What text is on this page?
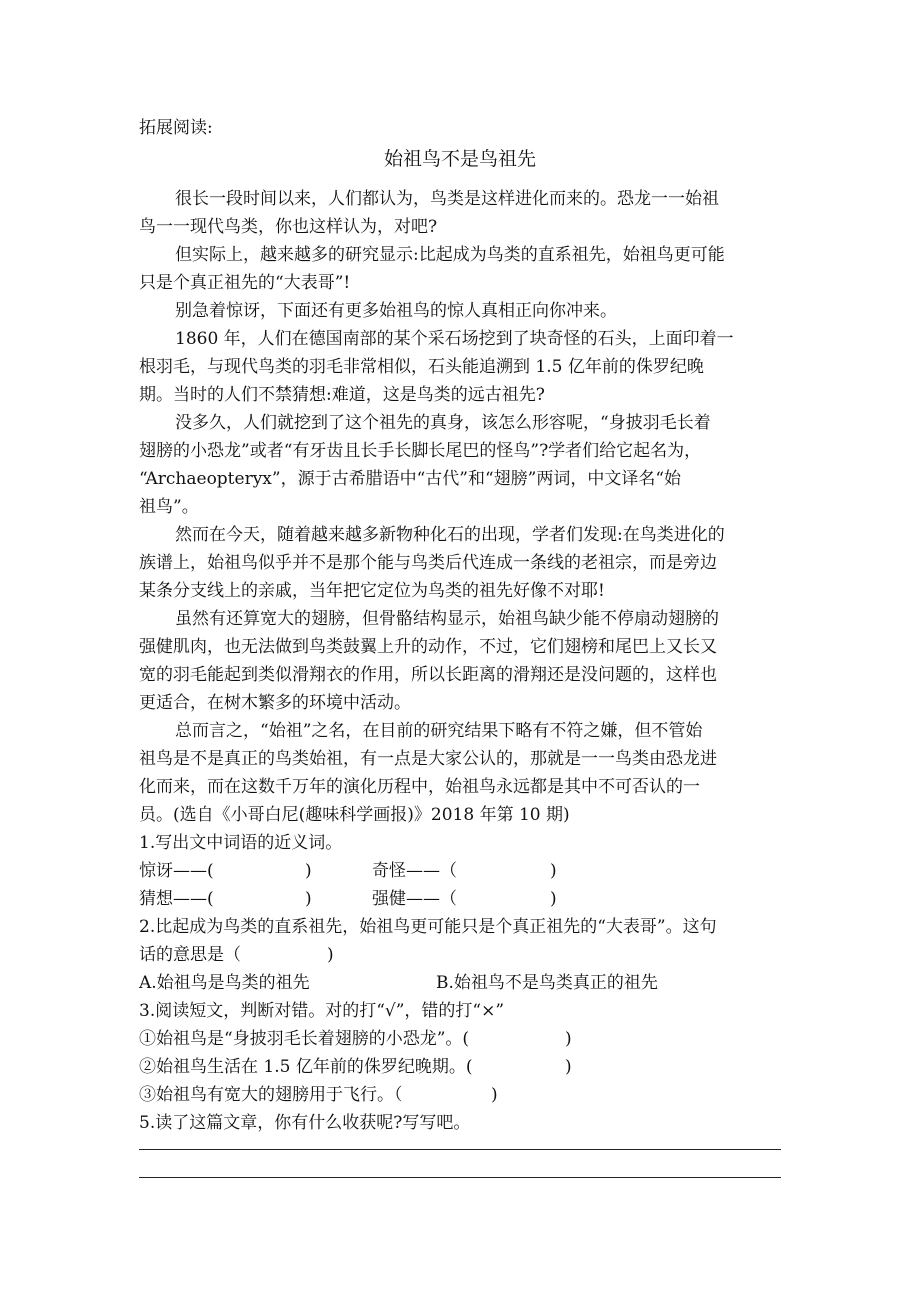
拓展阅读:
始祖鸟不是鸟祖先
很长一段时间以来，人们都认为，鸟类是这样进化而来的。恐龙一一始祖
鸟一一现代鸟类，你也这样认为，对吧?
但实际上，越来越多的研究显示:比起成为鸟类的直系祖先，始祖鸟更可能
只是个真正祖先的“大表哥”!
别急着惊讶，下面还有更多始祖鸟的惊人真相正向你冲来。
1860 年，人们在德国南部的某个采石场挖到了块奇怪的石头，上面印着一
根羽毛，与现代鸟类的羽毛非常相似，石头能追溯到 1.5 亿年前的侏罗纪晚
期。当时的人们不禁猜想:难道，这是鸟类的远古祖先?
没多久，人们就挖到了这个祖先的真身，该怎么形容呢，“身披羽毛长着
翅膀的小恐龙”或者“有牙齿且长手长脚长尾巴的怪鸟”?学者们给它起名为，
“Archaeopteryx”，源于古希腊语中“古代”和“翅膀”两词，中文译名“始
祖鸟”。
然而在今天，随着越来越多新物种化石的出现，学者们发现:在鸟类进化的
族谱上，始祖鸟似乎并不是那个能与鸟类后代连成一条线的老祖宗，而是旁边
某条分支线上的亲戚，当年把它定位为鸟类的祖先好像不对耶!
虽然有还算宽大的翅膀，但骨骼结构显示，始祖鸟缺少能不停扇动翅膀的
强健肌肉，也无法做到鸟类鼓翼上升的动作，不过，它们翅榜和尾巴上又长又
宽的羽毛能起到类似滑翔衣的作用，所以长距离的滑翔还是没问题的，这样也
更适合，在树木繁多的环境中活动。
总而言之，“始祖”之名，在目前的研究结果下略有不符之嫌，但不管始
祖鸟是不是真正的鸟类始祖，有一点是大家公认的，那就是一一鸟类由恐龙进
化而来，而在这数千万年的演化历程中，始祖鸟永远都是其中不可否认的一
员。(选自《小哥白尼(趣味科学画报)》2018 年第 10 期)
1.写出文中词语的近义词。
惊讶——(	)	奇怪——（	)
猜想——(	)	强健——（	)
2.比起成为鸟类的直系祖先，始祖鸟更可能只是个真正祖先的“大表哥”。这句
话的意思是（	)
A.始祖鸟是鸟类的祖先	B.始祖鸟不是鸟类真正的祖先
3.阅读短文，判断对错。对的打“√”，错的打“×”
①始祖鸟是“身披羽毛长着翅膀的小恐龙”。(	)
②始祖鸟生活在 1.5 亿年前的侏罗纪晚期。(	)
③始祖鸟有宽大的翅膀用于飞行。（	)
5.读了这篇文章，你有什么收获呢?写写吧。
